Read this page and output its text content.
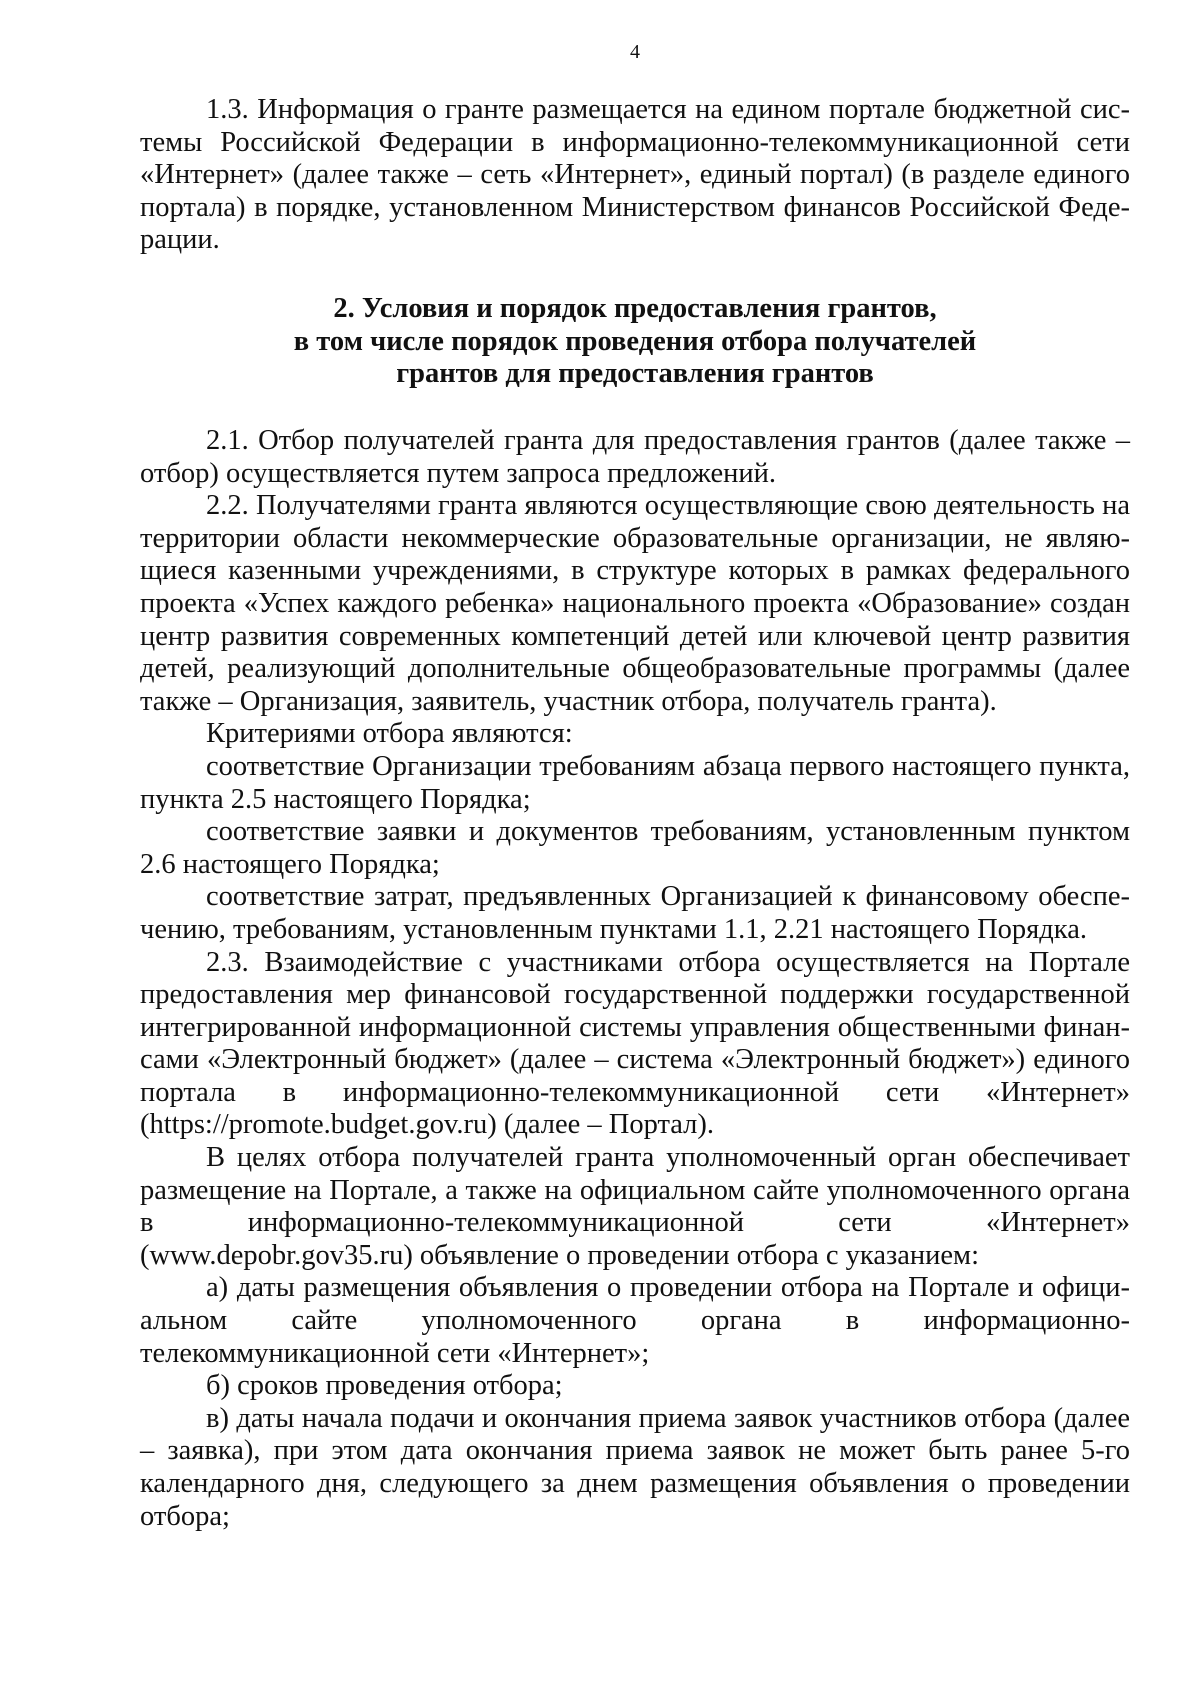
4

1.3. Информация о гранте размещается на едином портале бюджетной системы Российской Федерации в информационно-телекоммуникационной сети «Интернет» (далее также – сеть «Интернет», единый портал) (в разделе единого портала) в порядке, установленном Министерством финансов Российской Федерации.

2. Условия и порядок предоставления грантов,
в том числе порядок проведения отбора получателей
грантов для предоставления грантов

2.1. Отбор получателей гранта для предоставления грантов (далее также – отбор) осуществляется путем запроса предложений.

2.2. Получателями гранта являются осуществляющие свою деятельность на территории области некоммерческие образовательные организации, не являющиеся казенными учреждениями, в структуре которых в рамках федерального проекта «Успех каждого ребенка» национального проекта «Образование» создан центр развития современных компетенций детей или ключевой центр развития детей, реализующий дополнительные общеобразовательные программы (далее также – Организация, заявитель, участник отбора, получатель гранта).

Критериями отбора являются:

соответствие Организации требованиям абзаца первого настоящего пункта, пункта 2.5 настоящего Порядка;

соответствие заявки и документов требованиям, установленным пунктом 2.6 настоящего Порядка;

соответствие затрат, предъявленных Организацией к финансовому обеспечению, требованиям, установленным пунктами 1.1, 2.21 настоящего Порядка.

2.3. Взаимодействие с участниками отбора осуществляется на Портале предоставления мер финансовой государственной поддержки государственной интегрированной информационной системы управления общественными финансами «Электронный бюджет» (далее – система «Электронный бюджет») единого портала в информационно-телекоммуникационной сети «Интернет» (https://promote.budget.gov.ru) (далее – Портал).

В целях отбора получателей гранта уполномоченный орган обеспечивает размещение на Портале, а также на официальном сайте уполномоченного органа в информационно-телекоммуникационной сети «Интернет» (www.depobr.gov35.ru) объявление о проведении отбора с указанием:

а) даты размещения объявления о проведении отбора на Портале и официальном сайте уполномоченного органа в информационно-телекоммуникационной сети «Интернет»;

б) сроков проведения отбора;

в) даты начала подачи и окончания приема заявок участников отбора (далее – заявка), при этом дата окончания приема заявок не может быть ранее 5-го календарного дня, следующего за днем размещения объявления о проведении отбора;
